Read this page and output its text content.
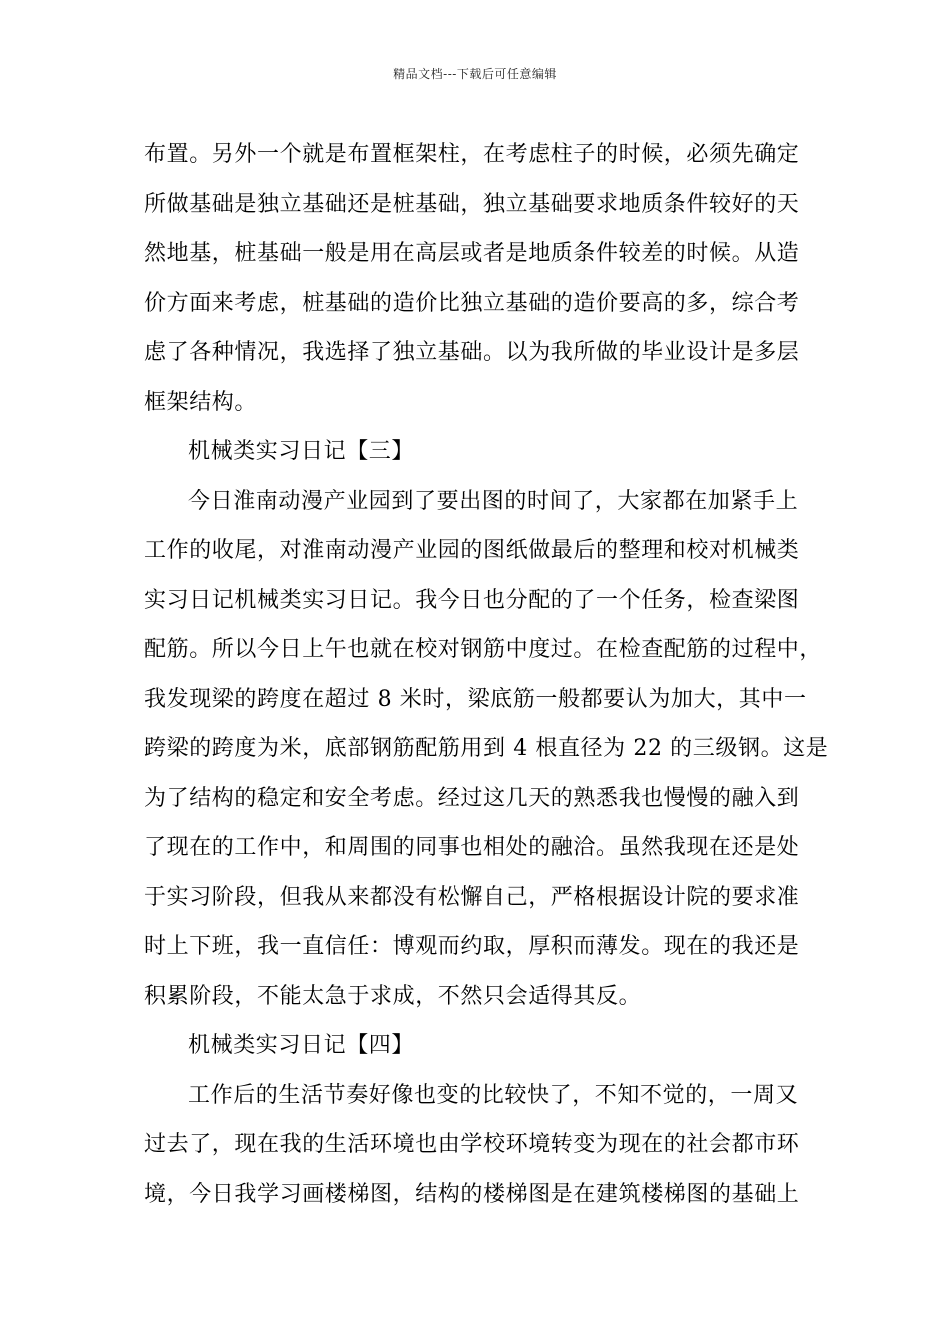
精品文档---下载后可任意编辑
布置。另外一个就是布置框架柱，在考虑柱子的时候，必须先确定
所做基础是独立基础还是桩基础，独立基础要求地质条件较好的天
然地基，桩基础一般是用在高层或者是地质条件较差的时候。从造
价方面来考虑，桩基础的造价比独立基础的造价要高的多，综合考
虑了各种情况，我选择了独立基础。以为我所做的毕业设计是多层
框架结构。
机械类实习日记【三】
今日淮南动漫产业园到了要出图的时间了，大家都在加紧手上
工作的收尾，对淮南动漫产业园的图纸做最后的整理和校对机械类
实习日记机械类实习日记。我今日也分配的了一个任务，检查梁图
配筋。所以今日上午也就在校对钢筋中度过。在检查配筋的过程中，
我发现梁的跨度在超过 8 米时，梁底筋一般都要认为加大，其中一
跨梁的跨度为米，底部钢筋配筋用到 4 根直径为 22 的三级钢。这是
为了结构的稳定和安全考虑。经过这几天的熟悉我也慢慢的融入到
了现在的工作中，和周围的同事也相处的融洽。虽然我现在还是处
于实习阶段，但我从来都没有松懈自己，严格根据设计院的要求准
时上下班，我一直信任：博观而约取，厚积而薄发。现在的我还是
积累阶段，不能太急于求成，不然只会适得其反。
机械类实习日记【四】
工作后的生活节奏好像也变的比较快了，不知不觉的，一周又
过去了，现在我的生活环境也由学校环境转变为现在的社会都市环
境，今日我学习画楼梯图，结构的楼梯图是在建筑楼梯图的基础上
